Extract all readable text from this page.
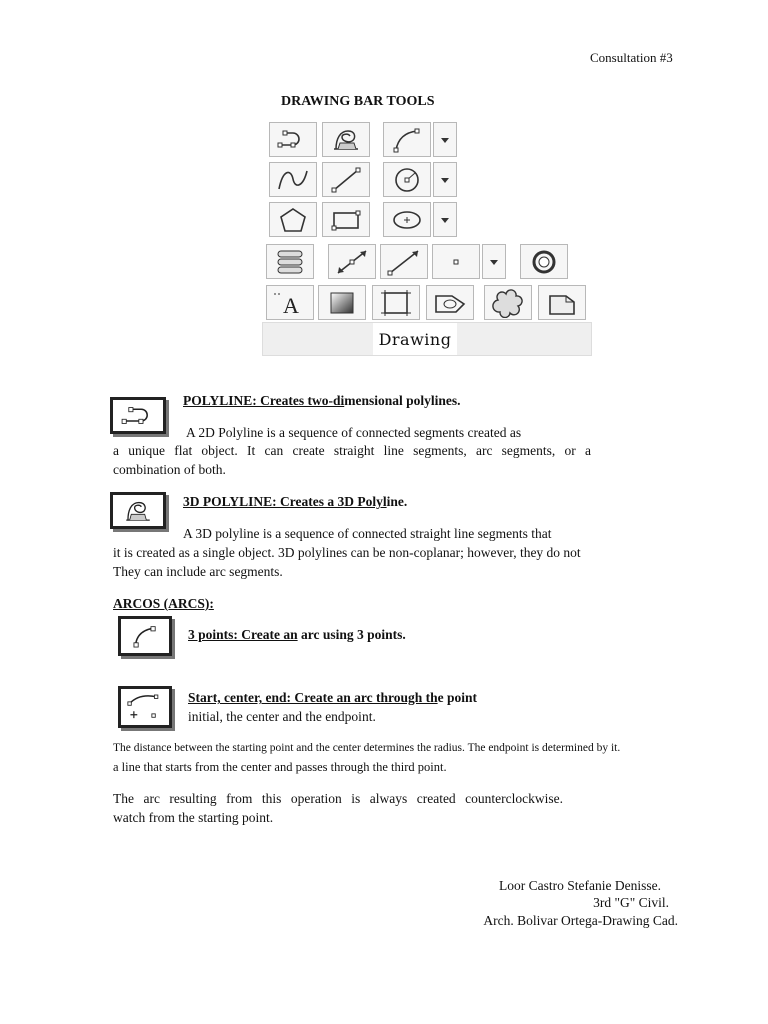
Consultation #3
DRAWING BAR TOOLS
A
Drawing
POLYLINE: Creates two-dimensional polylines.
A 2D Polyline is a sequence of connected segments created as
a unique flat object. It can create straight line segments, arc segments, or a
combination of both.
3D POLYLINE: Creates a 3D Polyline.
A 3D polyline is a sequence of connected straight line segments that
it is created as a single object. 3D polylines can be non-coplanar; however, they do not
They can include arc segments.
ARCOS (ARCS):
3 points: Create an arc using 3 points.
Start, center, end: Create an arc through the point
initial, the center and the endpoint.
The distance between the starting point and the center determines the radius. The endpoint is determined by it.
a line that starts from the center and passes through the third point.
The arc resulting from this operation is always created counterclockwise.
watch from the starting point.
Loor Castro Stefanie Denisse.
3rd "G" Civil.
Arch. Bolivar Ortega-Drawing Cad.
